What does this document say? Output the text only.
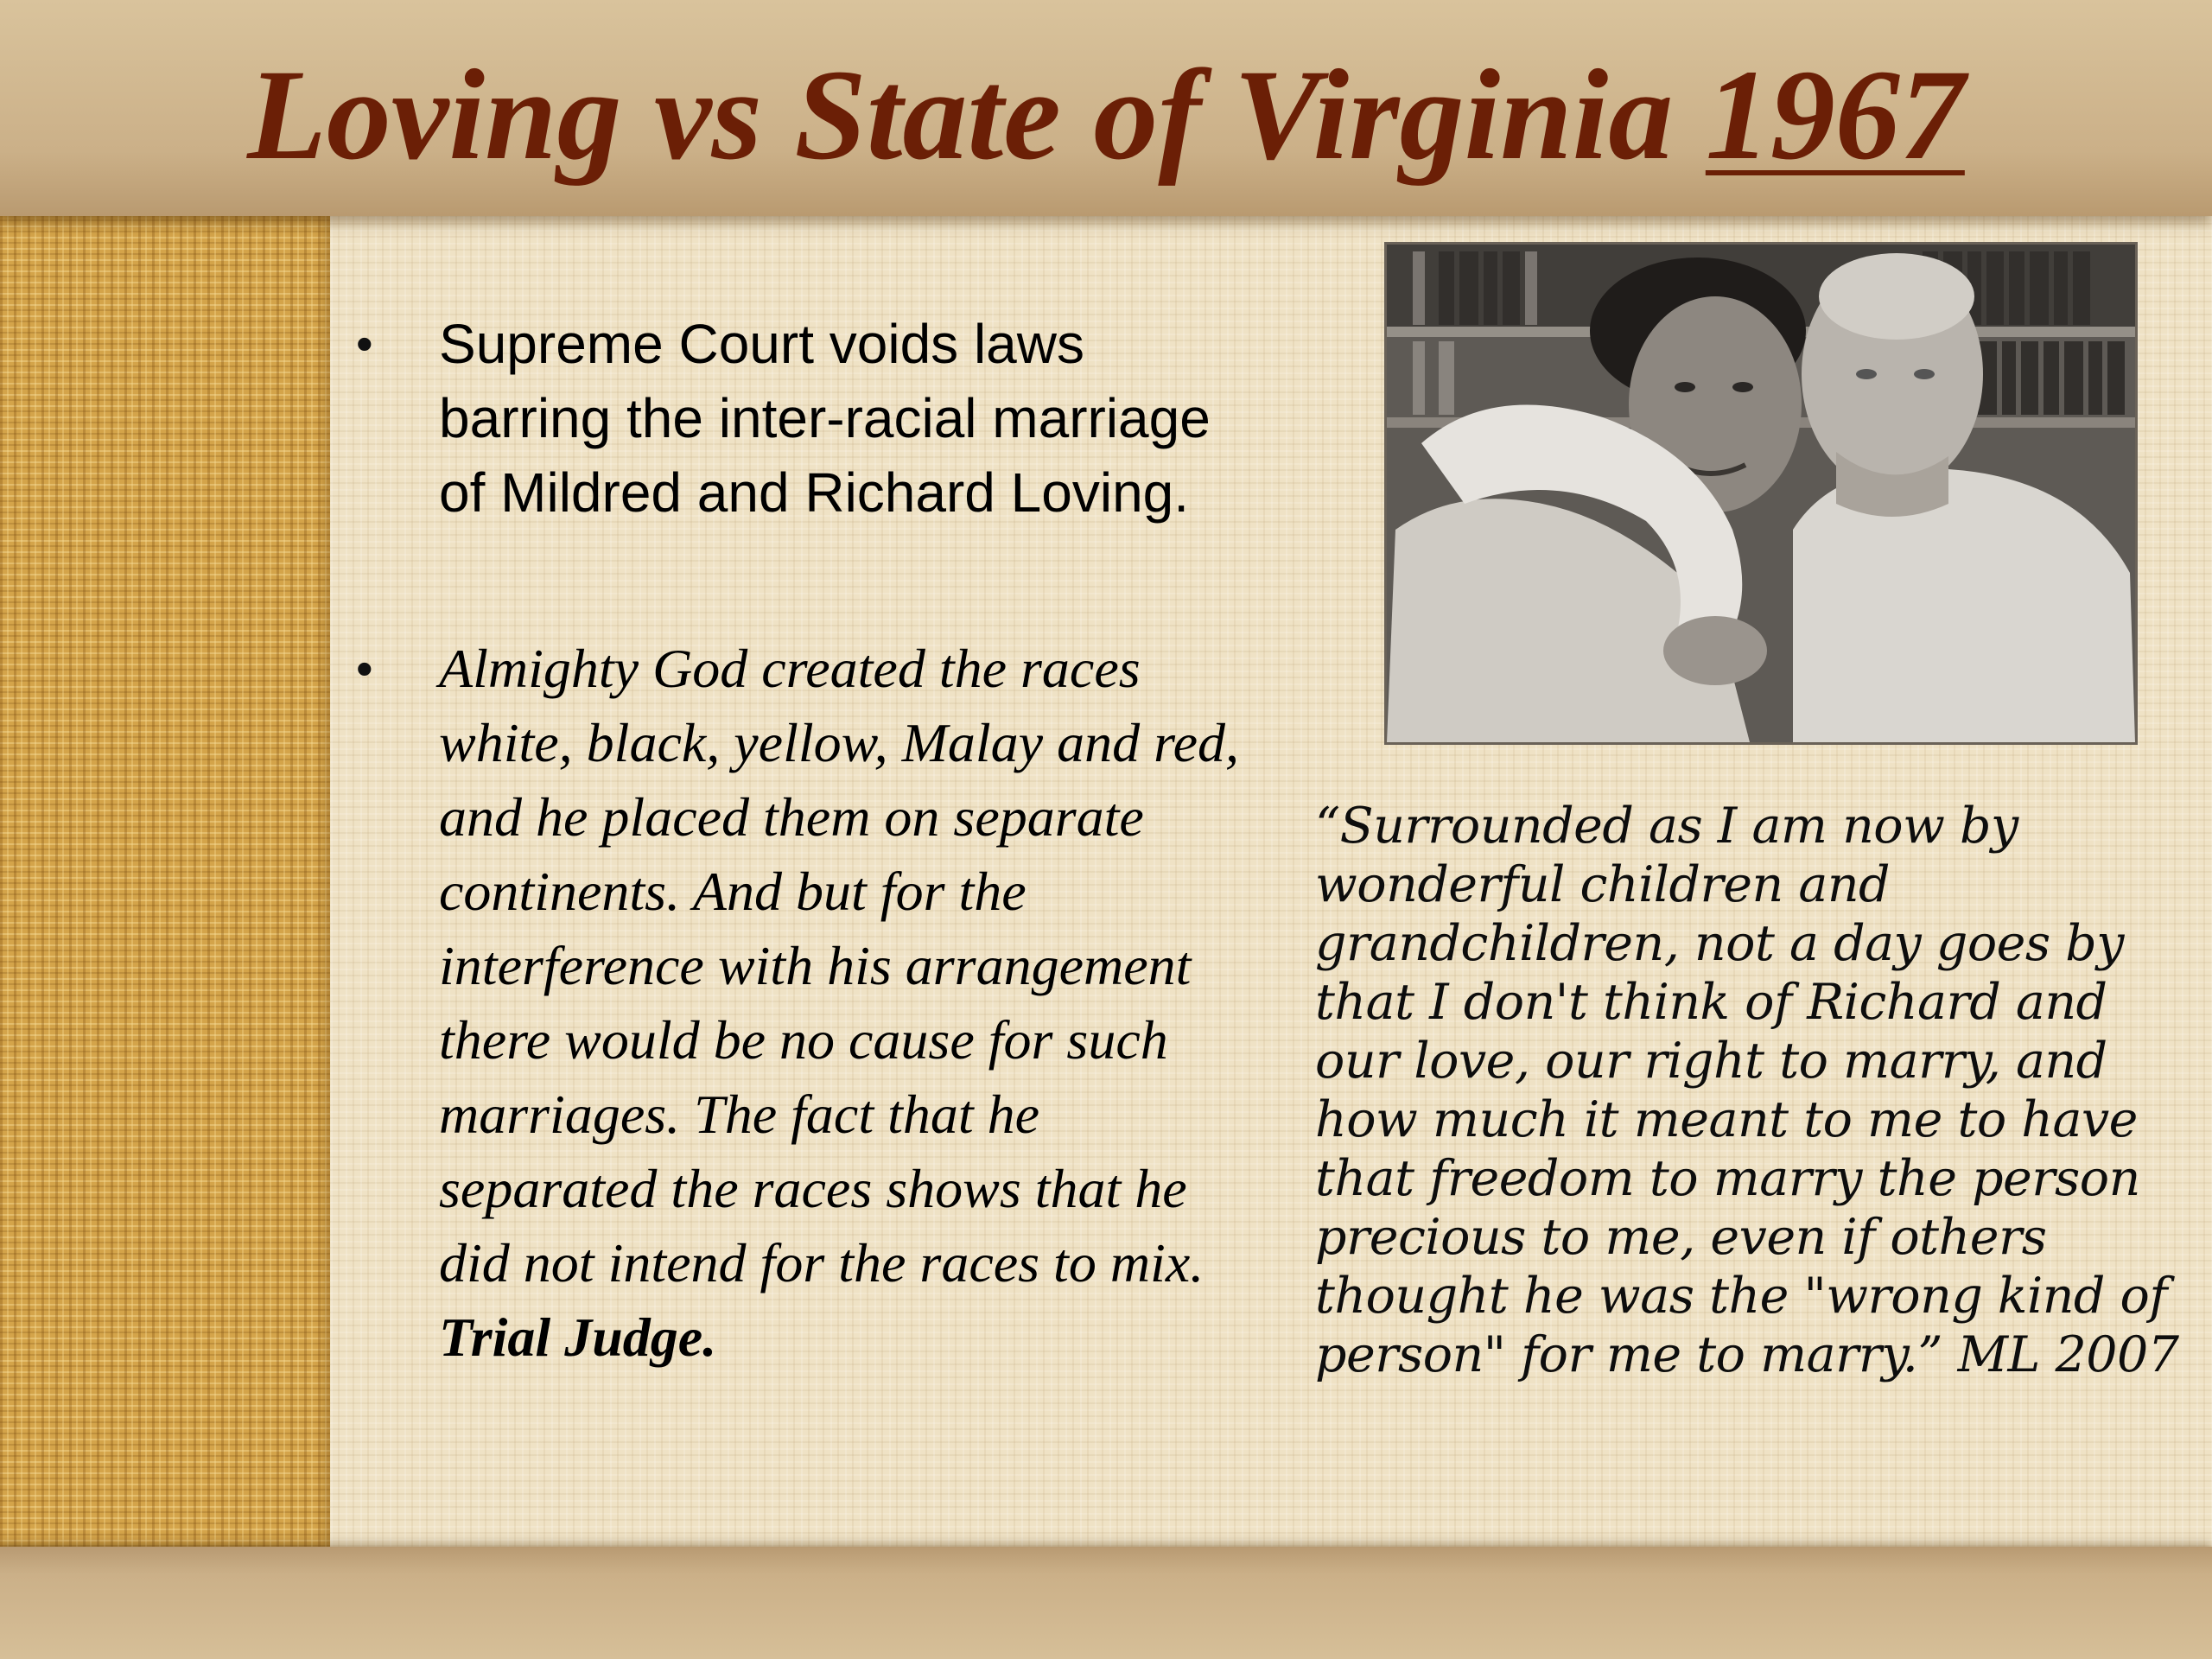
Loving vs State of Virginia 1967
• Supreme Court voids laws barring the inter-racial marriage of Mildred and Richard Loving.
• Almighty God created the races white, black, yellow, Malay and red, and he placed them on separate continents. And but for the interference with his arrangement there would be no cause for such marriages. The fact that he separated the races shows that he did not intend for the races to mix. Trial Judge.
“Surrounded as I am now by wonderful children and grandchildren, not a day goes by that I don't think of Richard and our love, our right to marry, and how much it meant to me to have that freedom to marry the person precious to me, even if others thought he was the "wrong kind of person" for me to marry.” ML 2007
